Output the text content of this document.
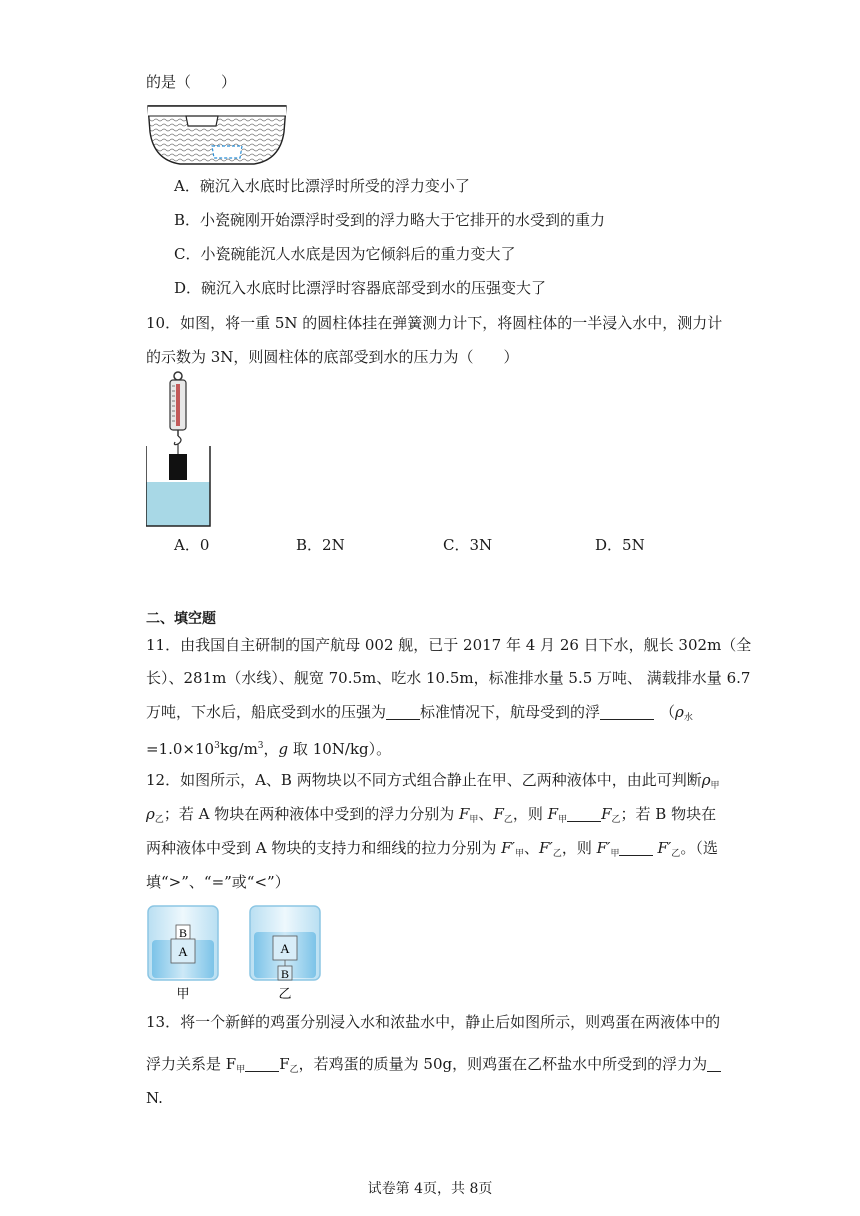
的是（　　）
A．碗沉入水底时比漂浮时所受的浮力变小了
B．小瓷碗刚开始漂浮时受到的浮力略大于它排开的水受到的重力
C．小瓷碗能沉人水底是因为它倾斜后的重力变大了
D．碗沉入水底时比漂浮时容器底部受到水的压强变大了
10．如图，将一重 5N 的圆柱体挂在弹簧测力计下，将圆柱体的一半浸入水中，测力计
的示数为 3N，则圆柱体的底部受到水的压力为（　　）
A．0	B．2N	C．3N	D．5N
二、填空题
11．由我国自主研制的国产航母 002 舰，已于 2017 年 4 月 26 日下水，舰长 302m（全
长）、281m（水线）、舰宽 70.5m、吃水 10.5m，标准排水量 5.5 万吨、 满载排水量 6.7
万吨，下水后，船底受到水的压强为 标准情况下，航母受到的浮	（$\rho_水$
$=1.0\times 10^3kg/m^3$，g 取 10N/kg）。
12．如图所示，A、B 两物块以不同方式组合静止在甲、乙两种液体中，由此可判断$\rho_甲$
$\rho_乙$；若 A 物块在两种液体中受到的浮力分别为 $F_甲$、$F_乙$，则 $F_甲$ $F_乙$；若 B 物块在
两种液体中受到 A 物块的支持力和细线的拉力分别为 $F'_甲$、$F'_乙$，则 $F'_甲$	$F'_乙$。（选
填“>”、“=”或“<”）
B
A
甲
A
B
乙
13．将一个新鲜的鸡蛋分别浸入水和浓盐水中，静止后如图所示，则鸡蛋在两液体中的
浮力关系是 $F_甲$ $F_乙$，若鸡蛋的质量为 50g，则鸡蛋在乙杯盐水中所受到的浮力为
N.
试卷第 4页，共 8页
